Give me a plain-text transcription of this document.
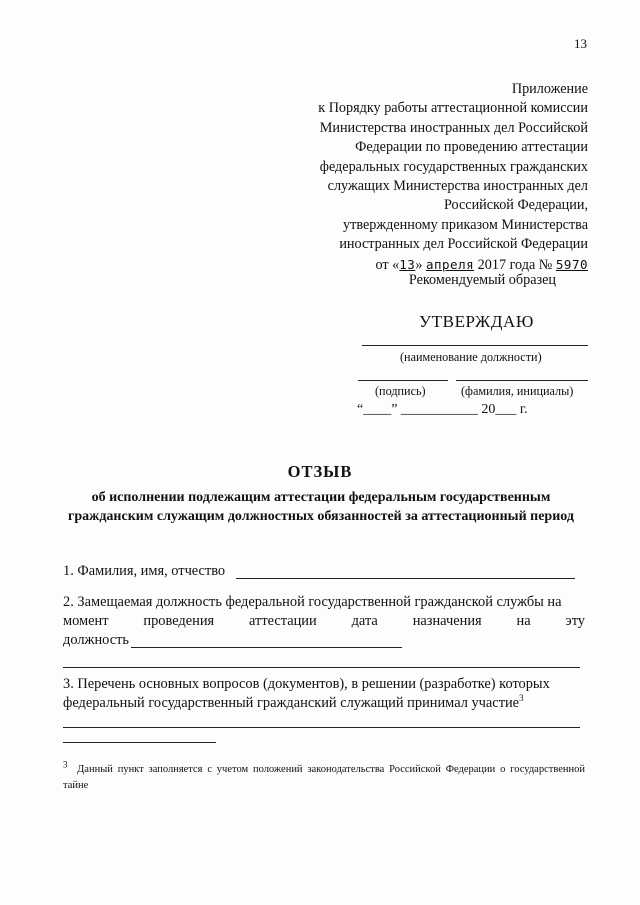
13
Приложение
к Порядку работы аттестационной комиссии
Министерства иностранных дел Российской
Федерации по проведению аттестации
федеральных государственных гражданских
служащих Министерства иностранных дел
Российской Федерации,
утвержденному приказом Министерства
иностранных дел Российской Федерации
от «13» апреля 2017 года № 5970
Рекомендуемый образец
УТВЕРЖДАЮ
(наименование должности)
(подпись)	(фамилия, инициалы)
“____” ___________ 20___ г.
ОТЗЫВ
об исполнении подлежащим аттестации федеральным государственным гражданским служащим должностных обязанностей за аттестационный период
1. Фамилия, имя, отчество
2. Замещаемая должность федеральной государственной гражданской службы на
момент проведения аттестации дата назначения на эту
должность
3. Перечень основных вопросов (документов), в решении (разработке) которых
федеральный государственный гражданский служащий принимал участие$^3$
$^3$ Данный пункт заполняется с учетом положений законодательства Российской Федерации о государственной тайне
